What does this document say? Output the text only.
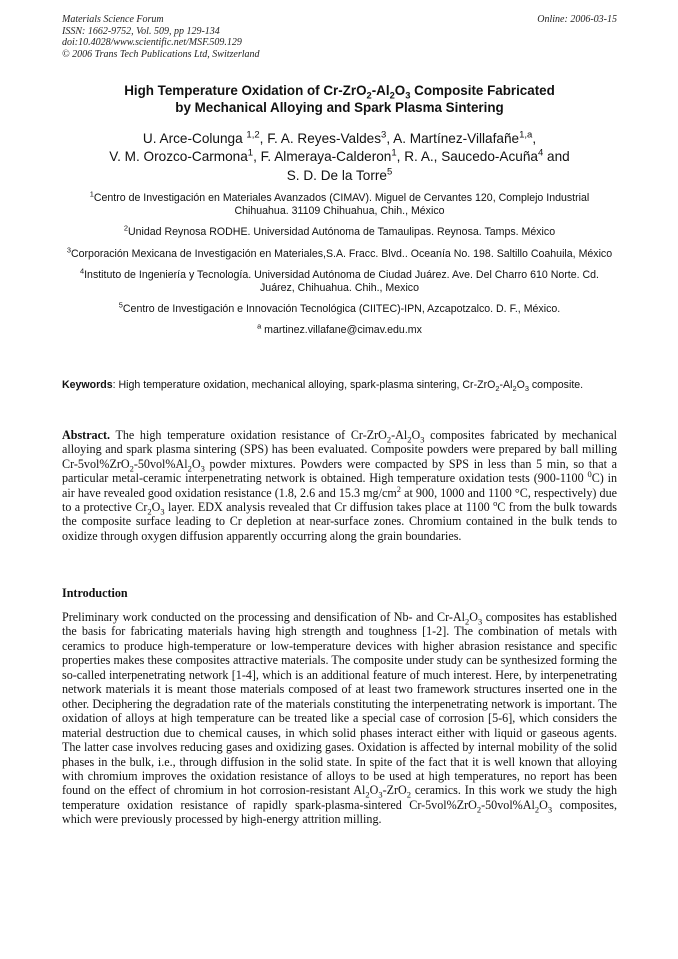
Materials Science Forum
ISSN: 1662-9752, Vol. 509, pp 129-134
doi:10.4028/www.scientific.net/MSF.509.129
© 2006 Trans Tech Publications Ltd, Switzerland
Online: 2006-03-15
High Temperature Oxidation of $Cr-ZrO_2-Al_2O_3$ Composite Fabricated
by Mechanical Alloying and Spark Plasma Sintering
U. Arce-Colunga $^{1,2}$, F. A. Reyes-Valdes$^3$, A. Martínez-Villafañe$^{1,a}$,
V. M. Orozco-Carmona$^1$, F. Almeraya-Calderon$^1$, R. A., Saucedo-Acuña$^4$ and
S. D. De la Torre$^5$
$^1$Centro de Investigación en Materiales Avanzados (CIMAV). Miguel de Cervantes 120, Complejo Industrial Chihuahua. 31109 Chihuahua, Chih., México
$^2$Unidad Reynosa RODHE. Universidad Autónoma de Tamaulipas. Reynosa. Tamps. México
$^3$Corporación Mexicana de Investigación en Materiales,S.A. Fracc. Blvd.. Oceanía No. 198. Saltillo Coahuila, México
$^4$Instituto de Ingeniería y Tecnología. Universidad Autónoma de Ciudad Juárez. Ave. Del Charro 610 Norte. Cd. Juárez, Chihuahua. Chih., Mexico
$^5$Centro de Investigación e Innovación Tecnológica (CIITEC)-IPN, Azcapotzalco. D. F., México.
$^a$ martinez.villafane@cimav.edu.mx
Keywords: High temperature oxidation, mechanical alloying, spark-plasma sintering, $Cr-ZrO_2-Al_2O_3$ composite.
Abstract. The high temperature oxidation resistance of $Cr-ZrO_2-Al_2O_3$ composites fabricated by mechanical alloying and spark plasma sintering (SPS) has been evaluated. Composite powders were prepared by ball milling $Cr-5vol\%ZrO_2-50vol\%Al_2O_3$ powder mixtures. Powders were compacted by SPS in less than 5 min, so that a particular metal-ceramic interpenetrating network is obtained. High temperature oxidation tests (900-1100 $^0$C) in air have revealed good oxidation resistance (1.8, 2.6 and 15.3 $mg/cm^2$ at 900, 1000 and 1100 °C, respectively) due to a protective $Cr_2O_3$ layer. EDX analysis revealed that Cr diffusion takes place at 1100 $^o$C from the bulk towards the composite surface leading to Cr depletion at near-surface zones. Chromium contained in the bulk tends to oxidize through oxygen diffusion apparently occurring along the grain boundaries.
Introduction
Preliminary work conducted on the processing and densification of Nb- and $Cr-Al_2O_3$ composites has established the basis for fabricating materials having high strength and toughness [1-2]. The combination of metals with ceramics to produce high-temperature or low-temperature devices with higher abrasion resistance and specific properties makes these composites attractive materials. The composite under study can be synthesized forming the so-called interpenetrating network [1-4], which is an additional feature of much interest. Here, by interpenetrating network materials it is meant those materials composed of at least two framework structures inserted one in the other. Deciphering the degradation rate of the materials constituting the interpenetrating network is important. The oxidation of alloys at high temperature can be treated like a special case of corrosion [5-6], which considers the material destruction due to chemical causes, in which solid phases interact either with liquid or gaseous agents. The latter case involves reducing gases and oxidizing gases. Oxidation is affected by internal mobility of the solid phases in the bulk, i.e., through diffusion in the solid state. In spite of the fact that it is well known that alloying with chromium improves the oxidation resistance of alloys to be used at high temperatures, no report has been found on the effect of chromium in hot corrosion-resistant $Al_2O_3-ZrO_2$ ceramics. In this work we study the high temperature oxidation resistance of rapidly spark-plasma-sintered $Cr-5vol\%ZrO_2-50vol\%Al_2O_3$ composites, which were previously processed by high-energy attrition milling.
